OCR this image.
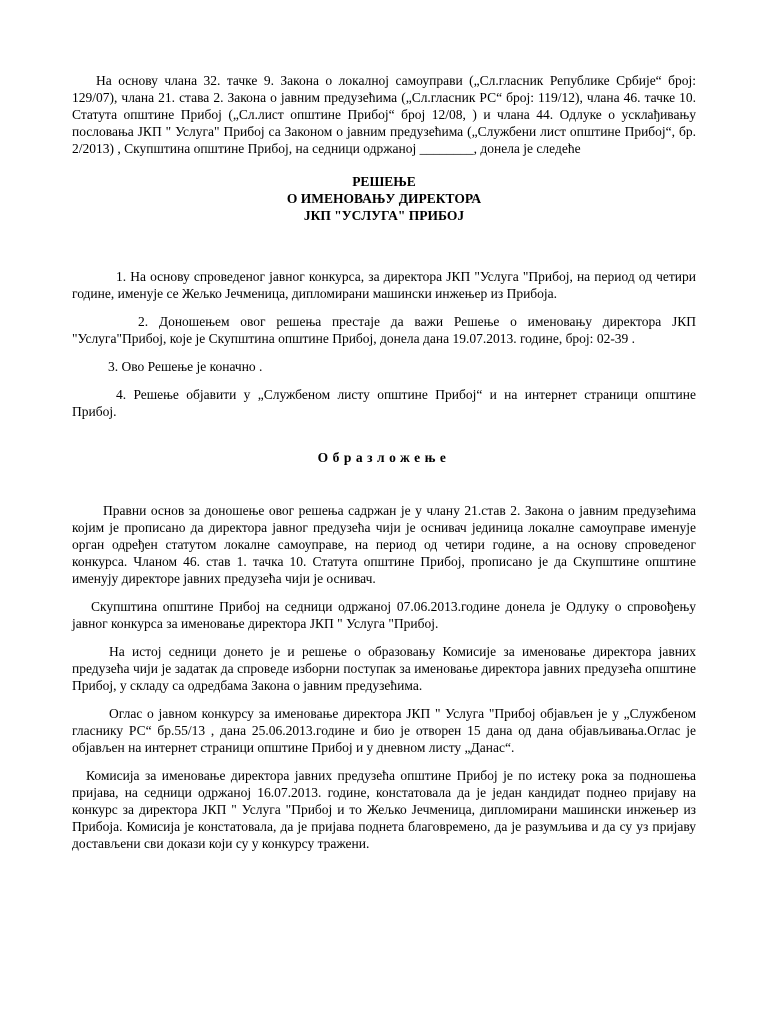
На основу члана 32. тачке 9. Закона о локалној самоуправи („Сл.гласник Републике Србије“ број: 129/07), члана 21. става 2. Закона о јавним предузећима („Сл.гласник РС“ број: 119/12), члана 46. тачке 10. Статута општине Прибој („Сл.лист општине Прибој“ број 12/08, ) и члана 44. Одлуке о усклађивању пословања ЈКП " Услуга" Прибој са Законом о јавним предузећима („Службени лист општине Прибој“, бр. 2/2013) , Скупштина општине Прибој, на седници одржаној ________, донела је следеће

РЕШЕЊЕ
О ИМЕНОВАЊУ ДИРЕКТОРА
ЈКП "УСЛУГА" ПРИБОЈ

1. На основу спроведеног јавног конкурса, за директора ЈКП "Услуга "Прибој, на период од четири године, именује се Жељко Јечменица, дипломирани машински инжењер из Прибоја.

2. Доношењем овог решења престаје да важи Решење о именовању директора ЈКП "Услуга"Прибој, које је Скупштина општине Прибој, донела дана 19.07.2013. године, број: 02-39 .

3. Ово Решење је коначно .

4. Решење објавити у „Службеном листу општине Прибој“ и на интернет страници општине Прибој.

Образложење

Правни основ за доношење овог решења садржан је у члану 21.став 2. Закона о јавним предузећима којим је прописано да директора јавног предузећа чији је оснивач јединица локалне самоуправе именује орган одређен статутом локалне самоуправе, на период од четири године, а на основу спроведеног конкурса. Чланом 46. став 1. тачка 10. Статута општине Прибој, прописано је да Скупштине општине именују директоре јавних предузећа чији је оснивач.

Скупштина општине Прибој на седници одржаној 07.06.2013.године донела је Одлуку о спровођењу јавног конкурса за именовање директора ЈКП " Услуга "Прибој.

На истој седници донето је и решење о образовању Комисије за именовање директора јавних предузећа чији је задатак да спроведе изборни поступак за именовање директора јавних предузећа општине Прибој, у складу са одредбама Закона о јавним предузећима.

Оглас о јавном конкурсу за именовање директора ЈКП " Услуга "Прибој објављен је у „Службеном гласнику РС“ бр.55/13 , дана 25.06.2013.године и био је отворен 15 дана од дана објављивања.Оглас је објављен на интернет страници општине Прибој и у дневном листу „Данас“.

Комисија за именовање директора јавних предузећа општине Прибој је по истеку рока за подношења пријава, на седници одржаној 16.07.2013. године, констатовала да је један кандидат поднео пријаву на конкурс за директора ЈКП " Услуга "Прибој и то Жељко Јечменица, дипломирани машински инжењер из Прибоја. Комисија је констатовала, да је пријава поднета благовремено, да је разумљива и да су уз пријаву достављени сви докази који су у конкурсу тражени.
